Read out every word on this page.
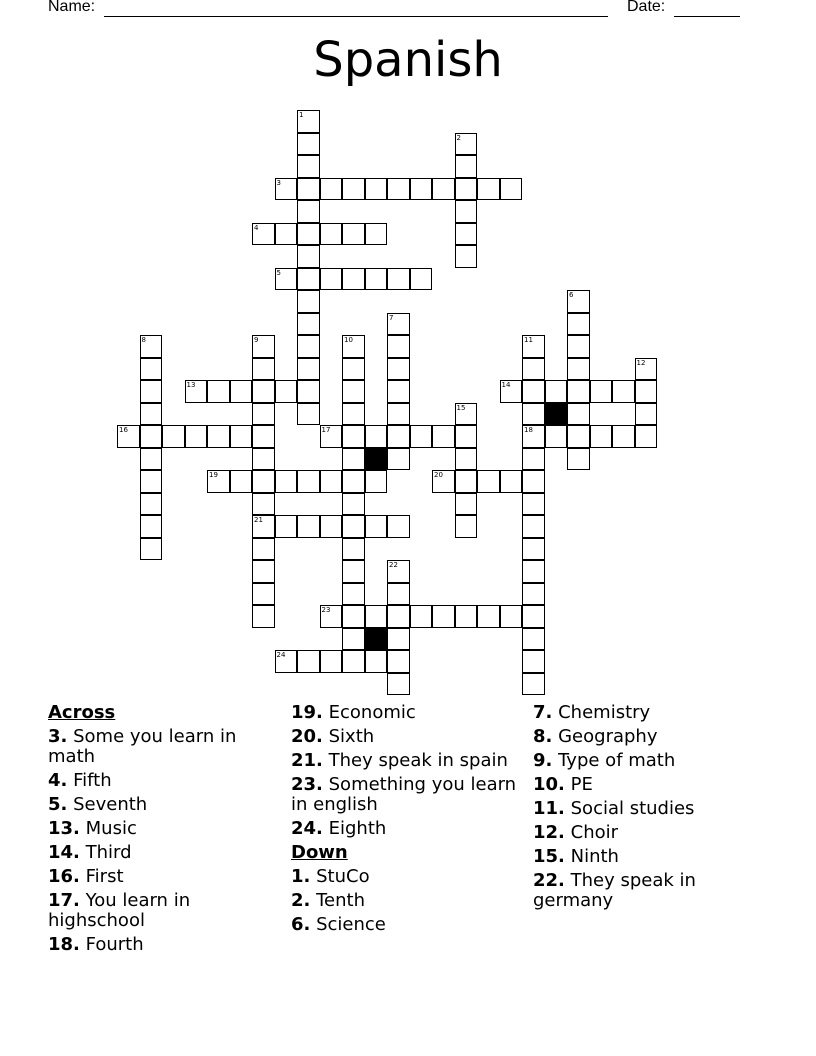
Name:	Date:
Spanish
1
2
3
4
5
6
7
8	9
21
10	11
18
12
13	14
15
16	17
19	20
22
23
24
Across
3. Some you learn in math
4. Fifth
5. Seventh
13. Music
14. Third
16. First
17. You learn in highschool
18. Fourth
19. Economic
20. Sixth
21. They speak in spain
23. Something you learn in english
24. Eighth
Down
1. StuCo
2. Tenth
6. Science
7. Chemistry
8. Geography
9. Type of math
10. PE
11. Social studies
12. Choir
15. Ninth
22. They speak in germany
